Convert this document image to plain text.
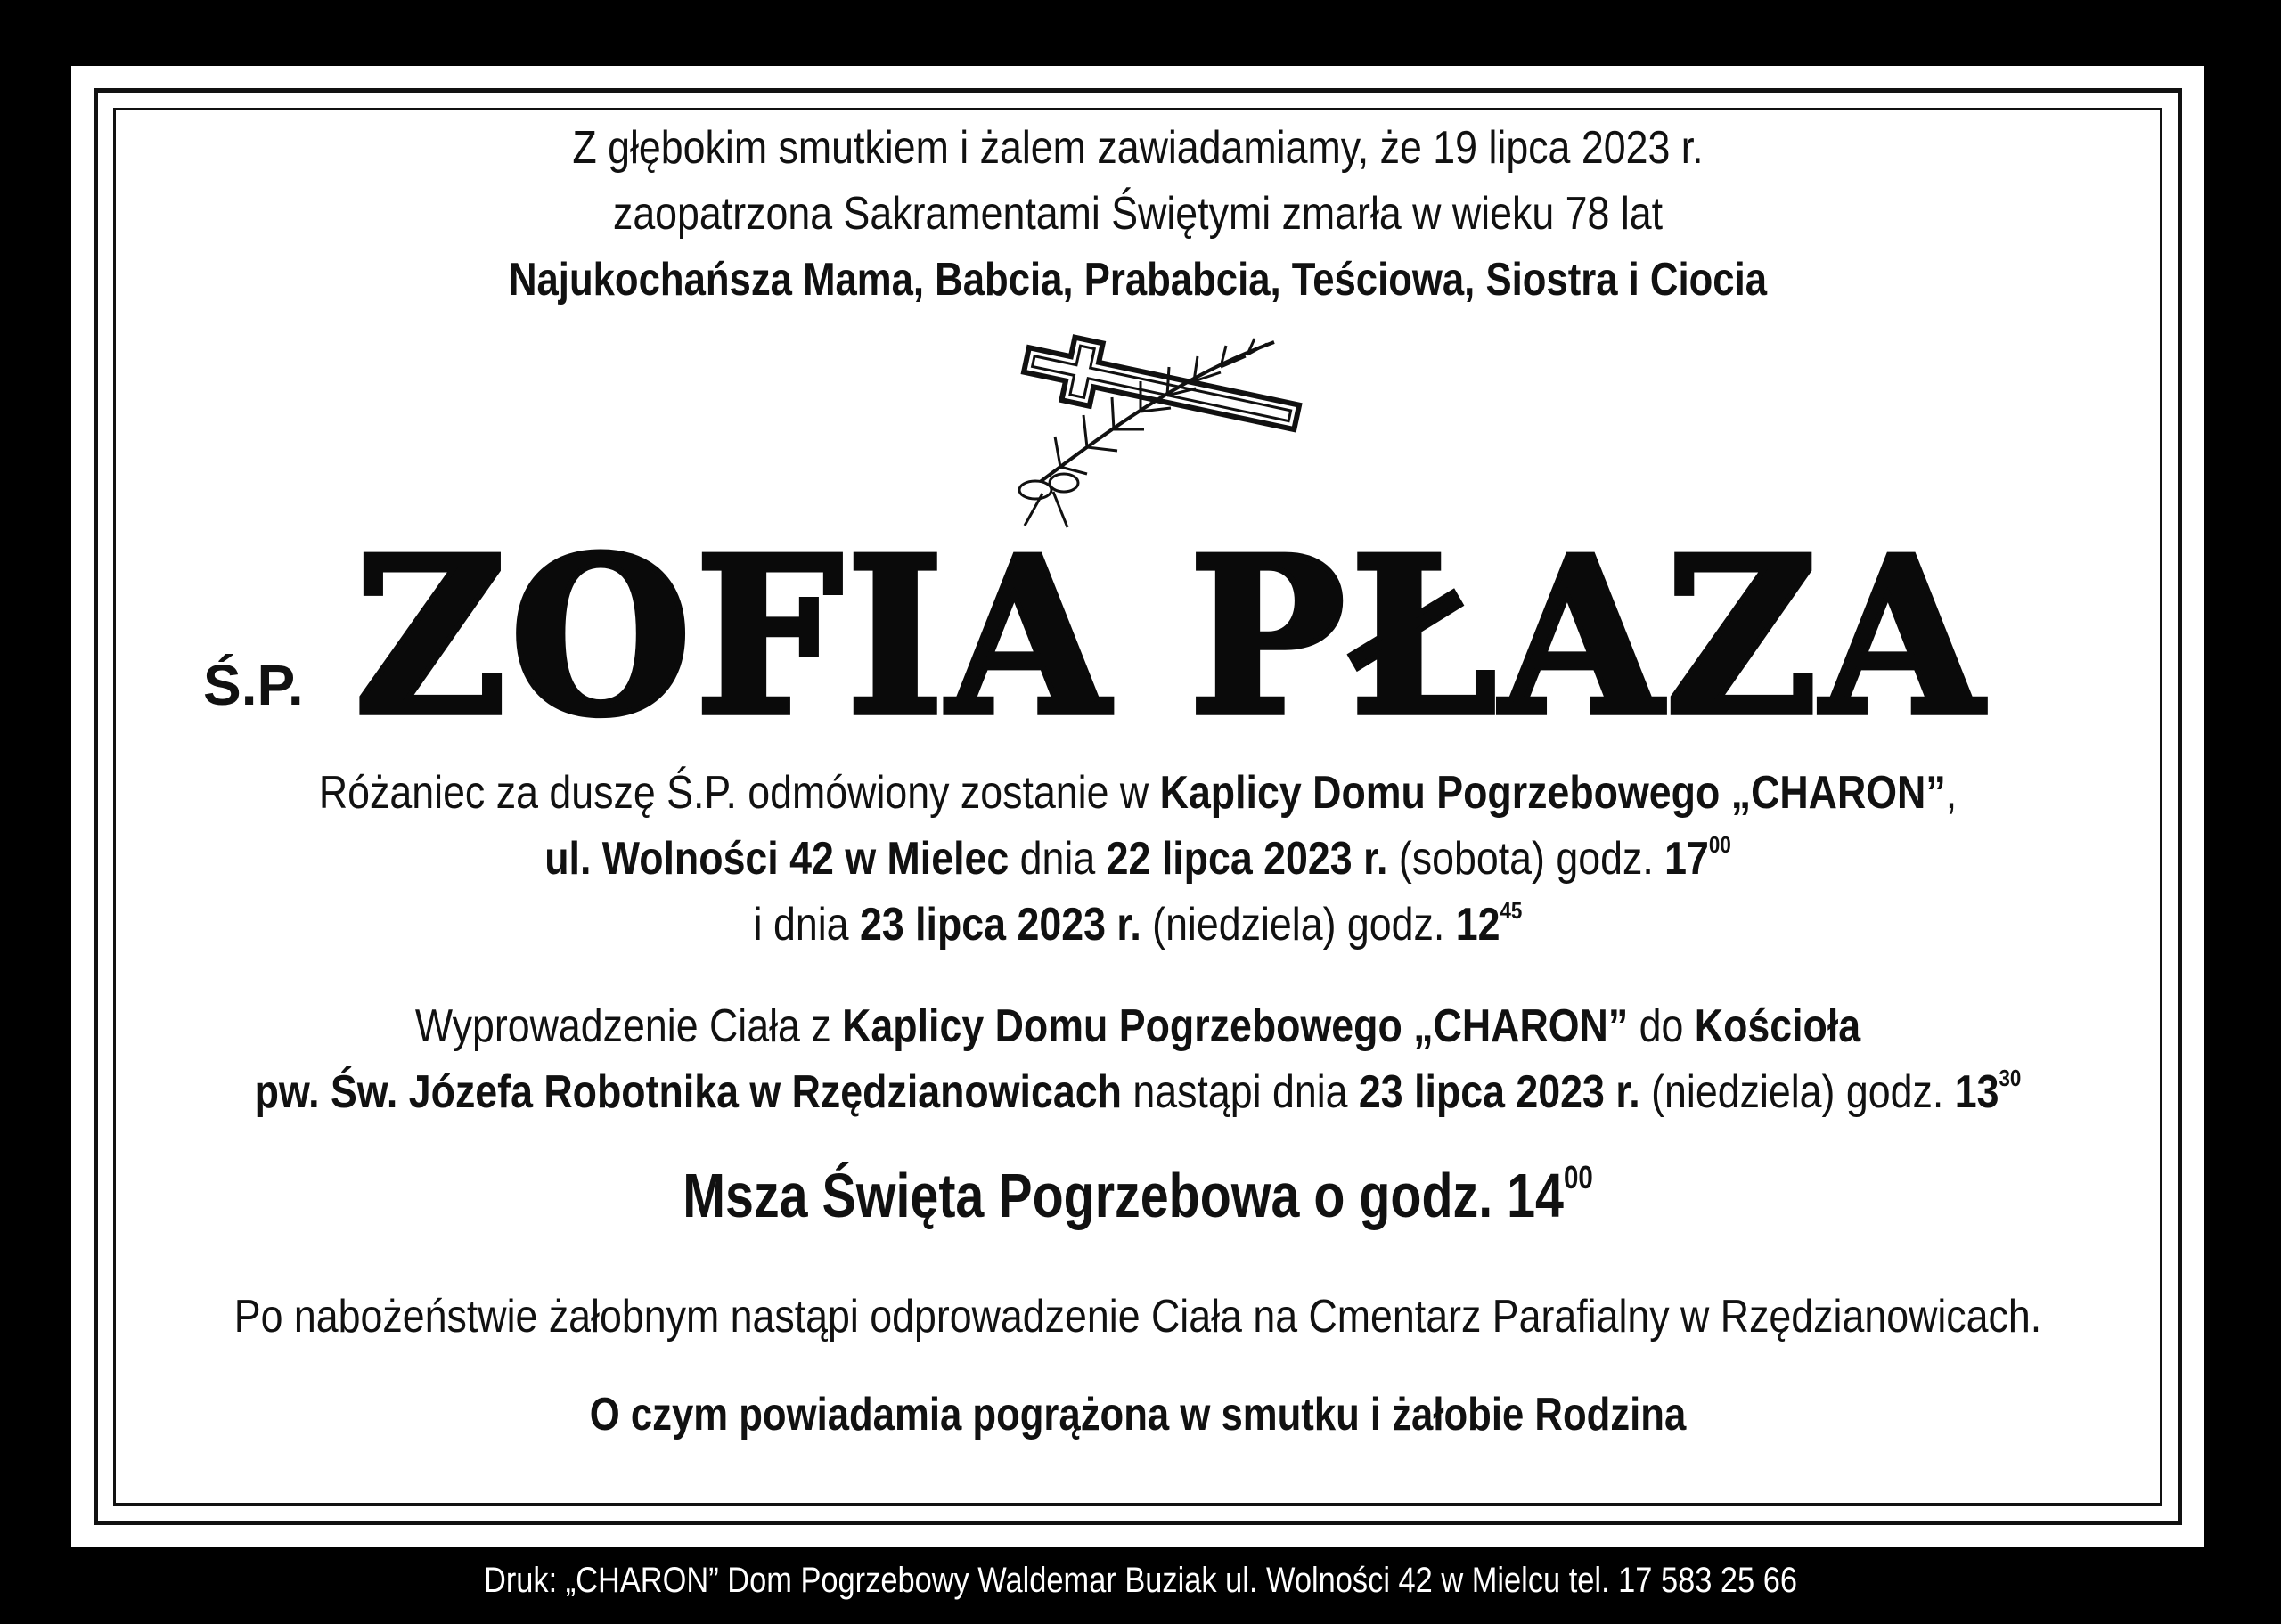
Z głębokim smutkiem i żalem zawiadamiamy, że 19 lipca 2023 r.
zaopatrzona Sakramentami Świętymi zmarła w wieku 78 lat
Najukochańsza Mama, Babcia, Prababcia, Teściowa, Siostra i Ciocia
Ś.P. ZOFIA PŁAZA
Różaniec za duszę Ś.P. odmówiony zostanie w Kaplicy Domu Pogrzebowego „CHARON”,
ul. Wolności 42 w Mielec dnia 22 lipca 2023 r. (sobota) godz. $17^{00}$
i dnia 23 lipca 2023 r. (niedziela) godz. $12^{45}$
Wyprowadzenie Ciała z Kaplicy Domu Pogrzebowego „CHARON” do Kościoła
pw. Św. Józefa Robotnika w Rzędzianowicach nastąpi dnia 23 lipca 2023 r. (niedziela) godz. $13^{30}$
Msza Święta Pogrzebowa o godz. $14^{00}$
Po nabożeństwie żałobnym nastąpi odprowadzenie Ciała na Cmentarz Parafialny w Rzędzianowicach.
O czym powiadamia pogrążona w smutku i żałobie Rodzina
Druk: „CHARON” Dom Pogrzebowy Waldemar Buziak ul. Wolności 42 w Mielcu tel. 17 583 25 66
